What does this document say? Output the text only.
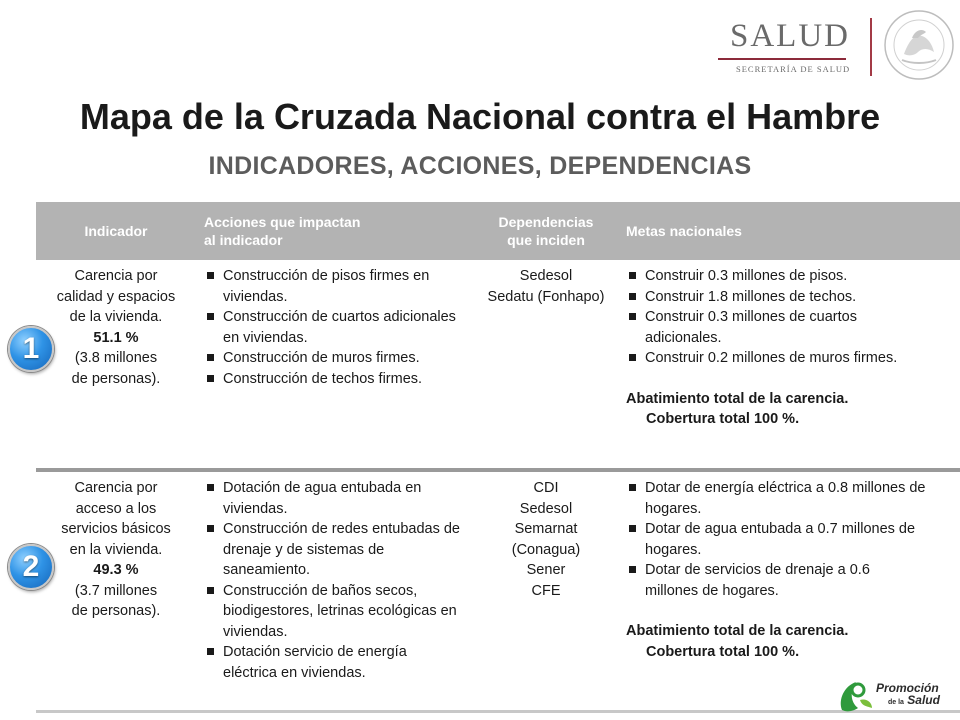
SALUD
SECRETARÍA DE SALUD
Mapa de la Cruzada Nacional contra el Hambre
INDICADORES, ACCIONES, DEPENDENCIAS
Indicador
Acciones que impactan
al indicador
Dependencias
que inciden
Metas nacionales
Carencia por
calidad y espacios
de la vivienda.
51.1 %
(3.8 millones
de personas).
Construcción de pisos firmes en viviendas.
Construcción de cuartos adicionales en viviendas.
Construcción de muros firmes.
Construcción de techos firmes.
Sedesol
Sedatu (Fonhapo)
Construir 0.3 millones de pisos.
Construir 1.8 millones de techos.
Construir 0.3 millones de cuartos adicionales.
Construir 0.2 millones de muros firmes.
Abatimiento total de la carencia.
Cobertura total 100 %.
Carencia por
acceso a los
servicios básicos
en la vivienda.
49.3 %
(3.7 millones
de personas).
Dotación de agua entubada en viviendas.
Construcción de redes entubadas de drenaje y de sistemas de saneamiento.
Construcción de baños secos, biodigestores, letrinas ecológicas en viviendas.
Dotación servicio de energía eléctrica en viviendas.
CDI
Sedesol
Semarnat
(Conagua)
Sener
CFE
Dotar de energía eléctrica a 0.8 millones de hogares.
Dotar de agua entubada a 0.7 millones de hogares.
Dotar de servicios de drenaje a 0.6 millones de hogares.
Abatimiento total de la carencia.
Cobertura total 100 %.
1
2
Promoción
de la Salud
